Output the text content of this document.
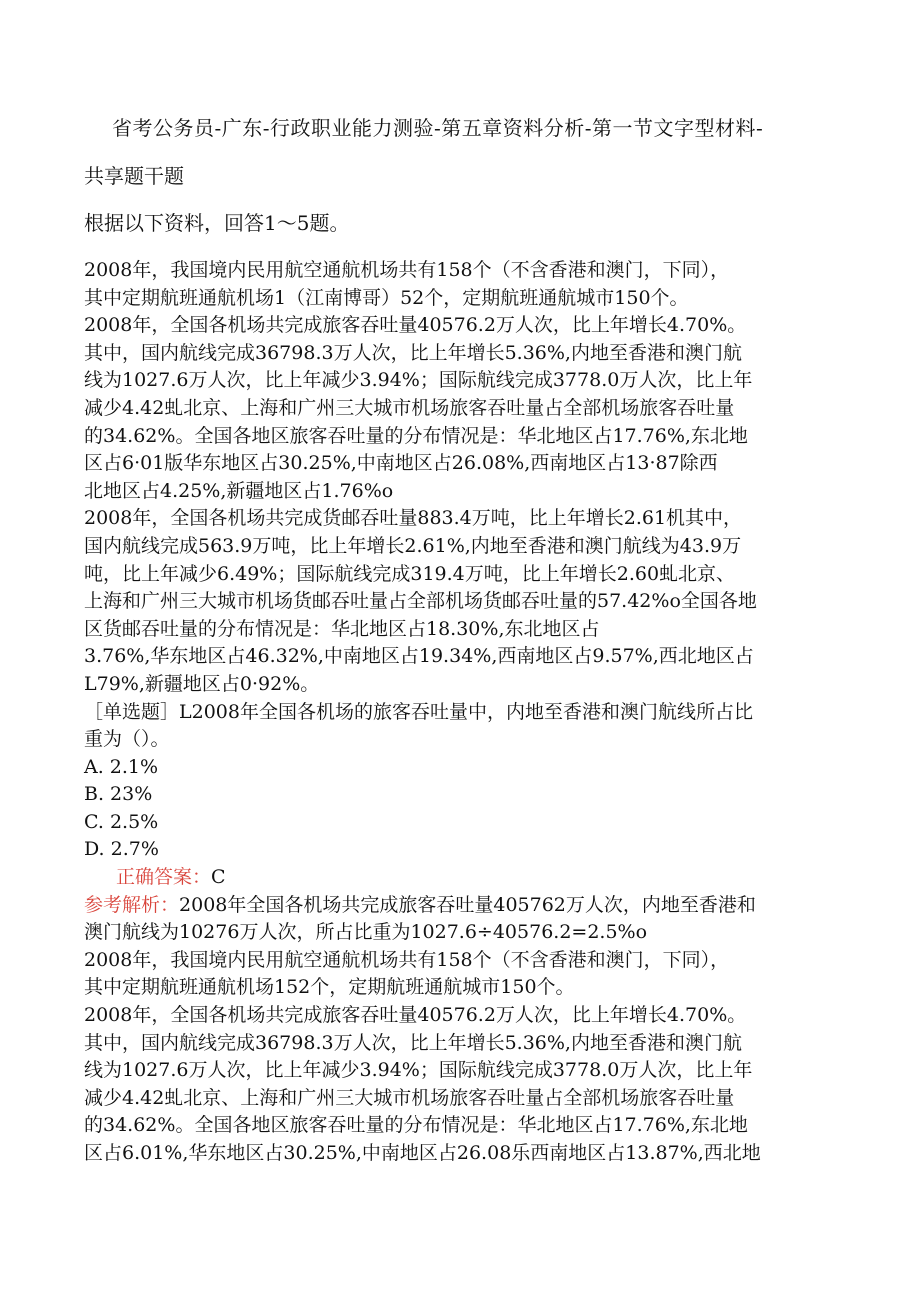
省考公务员-广东-行政职业能力测验-第五章资料分析-第一节文字型材料-
共享题干题
根据以下资料，回答1～5题。

2008年，我国境内民用航空通航机场共有158个（不含香港和澳门，下同），

其中定期航班通航机场1（江南博哥）52个，定期航班通航城市150个。

2008年，全国各机场共完成旅客吞吐量40576.2万人次，比上年增长4.70%。

其中，国内航线完成36798.3万人次，比上年增长5.36%,内地至香港和澳门航

线为1027.6万人次，比上年减少3.94%；国际航线完成3778.0万人次，比上年

减少4.42虬北京、上海和广州三大城市机场旅客吞吐量占全部机场旅客吞吐量

的34.62%。全国各地区旅客吞吐量的分布情况是：华北地区占17.76%,东北地

区占6·01版华东地区占30.25%,中南地区占26.08%,西南地区占13·87除西

北地区占4.25%,新疆地区占1.76%o

2008年，全国各机场共完成货邮吞吐量883.4万吨，比上年增长2.61机其中，

国内航线完成563.9万吨，比上年增长2.61%,内地至香港和澳门航线为43.9万

吨，比上年减少6.49%；国际航线完成319.4万吨，比上年增长2.60虬北京、

上海和广州三大城市机场货邮吞吐量占全部机场货邮吞吐量的57.42%o全国各地

区货邮吞吐量的分布情况是：华北地区占18.30%,东北地区占

3.76%,华东地区占46.32%,中南地区占19.34%,西南地区占9.57%,西北地区占

L79%,新疆地区占0·92%。

［单选题］L2008年全国各机场的旅客吞吐量中，内地至香港和澳门航线所占比

重为（）。

A. 2.1%

B. 23%

C. 2.5%

D. 2.7%

正确答案：C

参考解析：2008年全国各机场共完成旅客吞吐量405762万人次，内地至香港和

澳门航线为10276万人次，所占比重为1027.6÷40576.2=2.5%o

2008年，我国境内民用航空通航机场共有158个（不含香港和澳门，下同），

其中定期航班通航机场152个，定期航班通航城市150个。

2008年，全国各机场共完成旅客吞吐量40576.2万人次，比上年增长4.70%。

其中，国内航线完成36798.3万人次，比上年增长5.36%,内地至香港和澳门航

线为1027.6万人次，比上年减少3.94%；国际航线完成3778.0万人次，比上年

减少4.42虬北京、上海和广州三大城市机场旅客吞吐量占全部机场旅客吞吐量

的34.62%。全国各地区旅客吞吐量的分布情况是：华北地区占17.76%,东北地

区占6.01%,华东地区占30.25%,中南地区占26.08乐西南地区占13.87%,西北地
